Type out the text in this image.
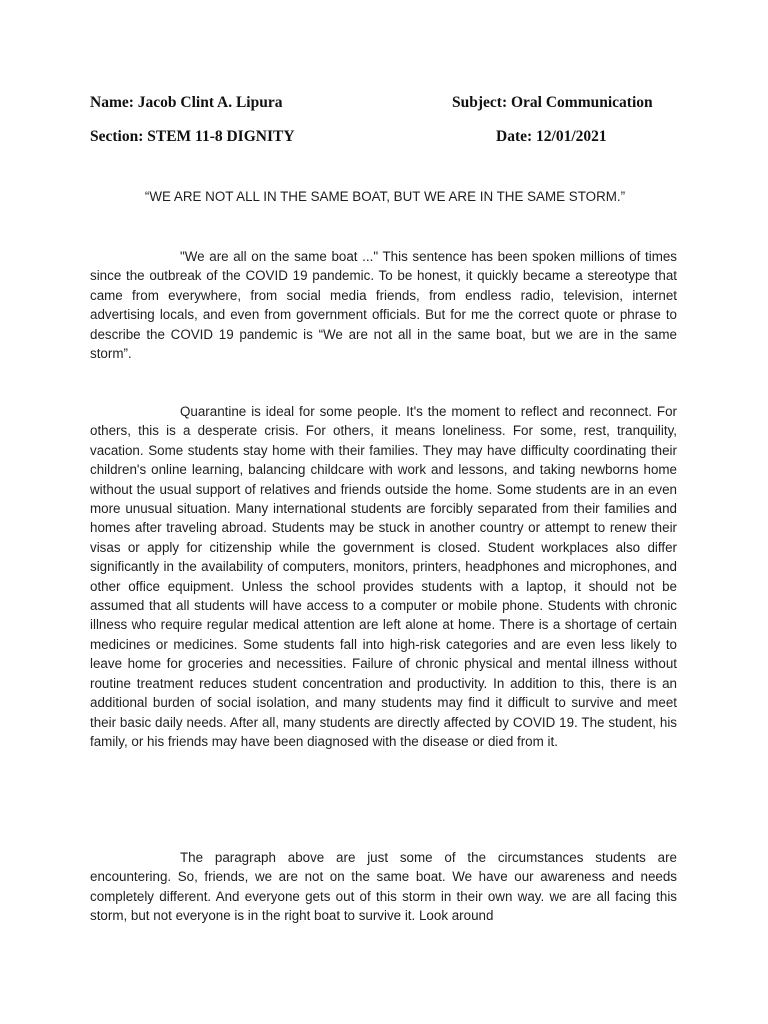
Name: Jacob Clint A. Lipura	Subject: Oral Communication
Section: STEM 11-8 DIGNITY	Date: 12/01/2021
“WE ARE NOT ALL IN THE SAME BOAT, BUT WE ARE IN THE SAME STORM.”

"We are all on the same boat ..." This sentence has been spoken millions of times since the outbreak of the COVID 19 pandemic. To be honest, it quickly became a stereotype that came from everywhere, from social media friends, from endless radio, television, internet advertising locals, and even from government officials. But for me the correct quote or phrase to describe the COVID 19 pandemic is “We are not all in the same boat, but we are in the same storm”.

Quarantine is ideal for some people. It's the moment to reflect and reconnect. For others, this is a desperate crisis. For others, it means loneliness. For some, rest, tranquility, vacation. Some students stay home with their families. They may have difficulty coordinating their children's online learning, balancing childcare with work and lessons, and taking newborns home without the usual support of relatives and friends outside the home. Some students are in an even more unusual situation. Many international students are forcibly separated from their families and homes after traveling abroad. Students may be stuck in another country or attempt to renew their visas or apply for citizenship while the government is closed. Student workplaces also differ significantly in the availability of computers, monitors, printers, headphones and microphones, and other office equipment. Unless the school provides students with a laptop, it should not be assumed that all students will have access to a computer or mobile phone. Students with chronic illness who require regular medical attention are left alone at home. There is a shortage of certain medicines or medicines. Some students fall into high-risk categories and are even less likely to leave home for groceries and necessities. Failure of chronic physical and mental illness without routine treatment reduces student concentration and productivity. In addition to this, there is an additional burden of social isolation, and many students may find it difficult to survive and meet their basic daily needs. After all, many students are directly affected by COVID 19. The student, his family, or his friends may have been diagnosed with the disease or died from it.

The paragraph above are just some of the circumstances students are encountering. So, friends, we are not on the same boat. We have our awareness and needs completely different. And everyone gets out of this storm in their own way. we are all facing this storm, but not everyone is in the right boat to survive it. Look around
